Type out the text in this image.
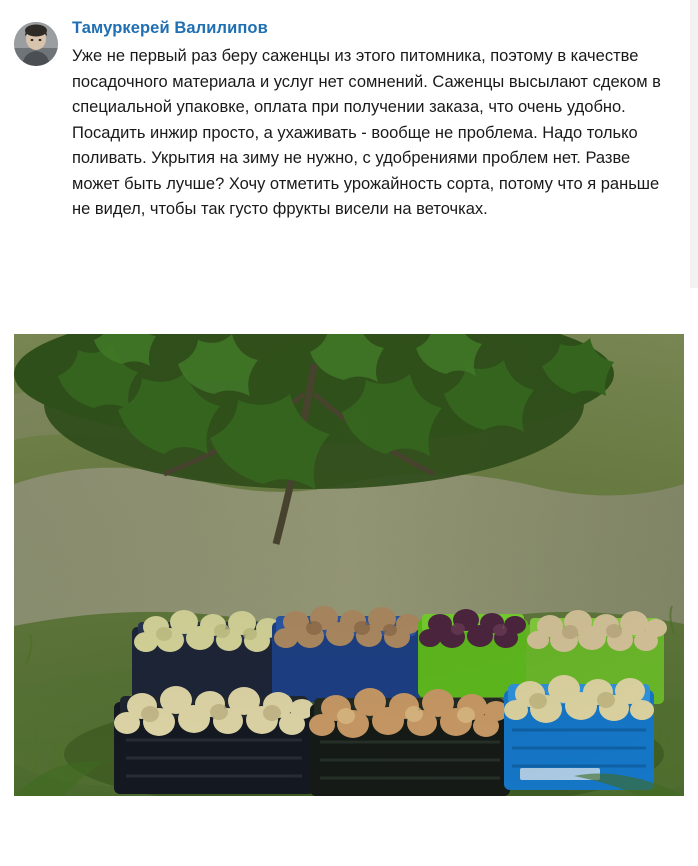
Тамуркерей Валилипов
Уже не первый раз беру саженцы из этого питомника, поэтому в качестве посадочного материала и услуг нет сомнений. Саженцы высылают сдеком в специальной упаковке, оплата при получении заказа, что очень удобно. Посадить инжир просто, а ухаживать - вообще не проблема. Надо только поливать. Укрытия на зиму не нужно, с удобрениями проблем нет. Разве может быть лучше? Хочу отметить урожайность сорта, потому что я раньше не видел, чтобы так густо фрукты висели на веточках.
